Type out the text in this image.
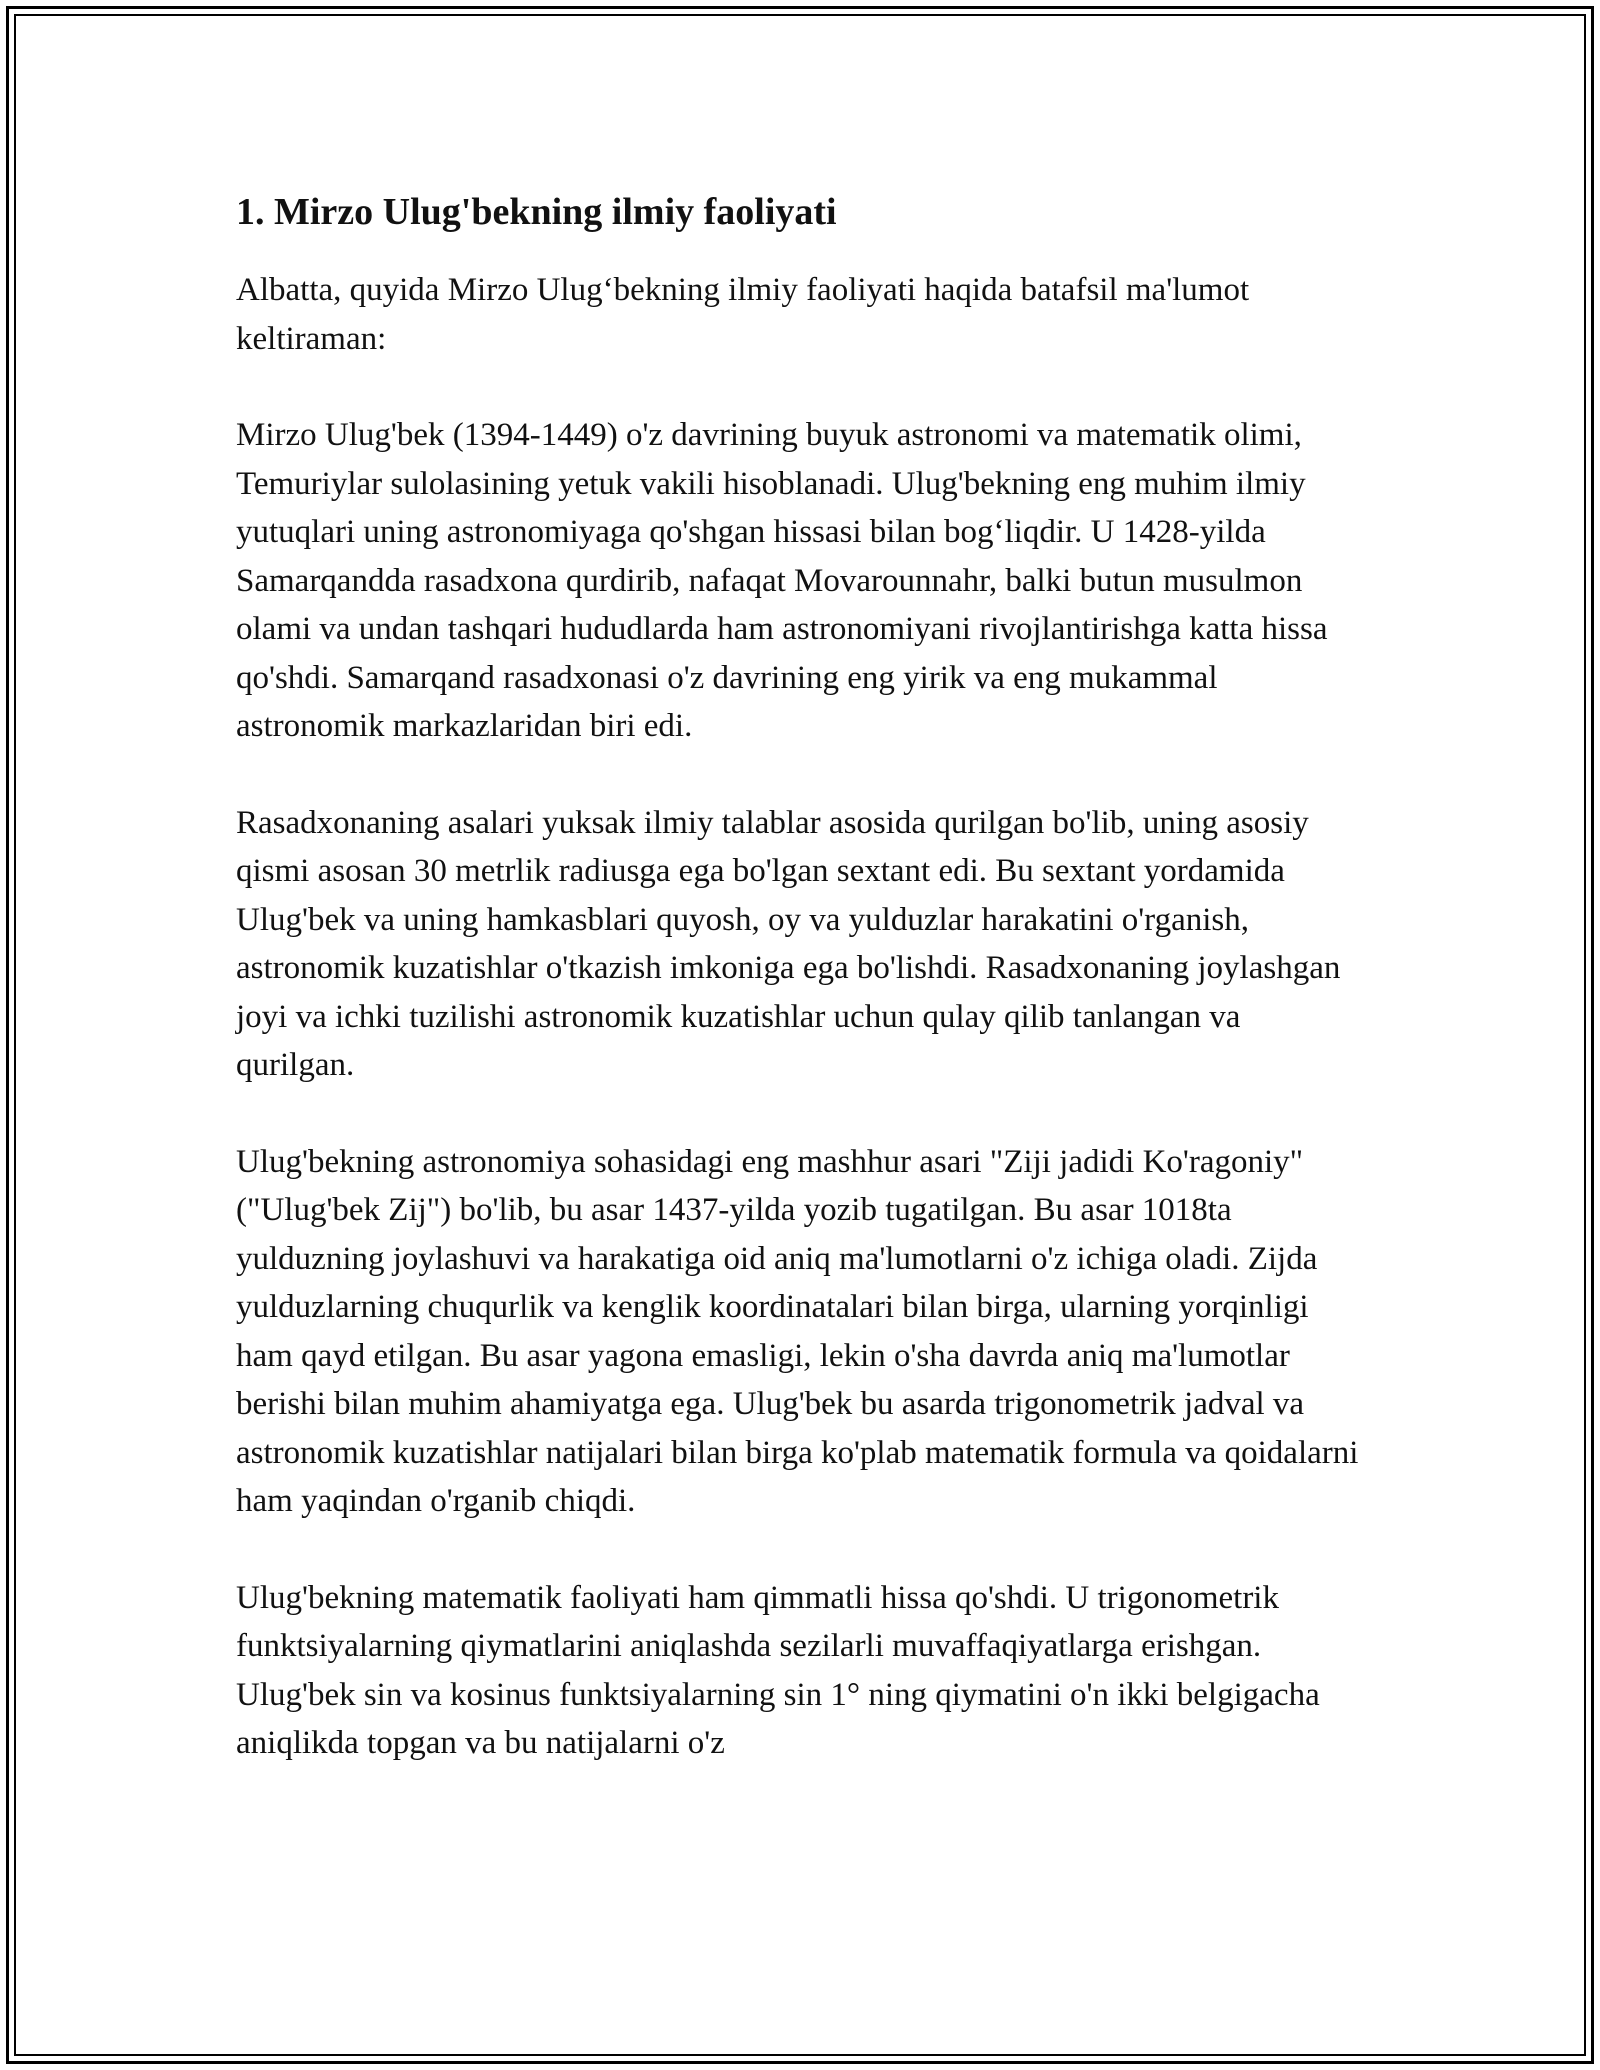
1. Mirzo Ulug'bekning ilmiy faoliyati

Albatta, quyida Mirzo Ulug‘bekning ilmiy faoliyati haqida batafsil ma'lumot keltiraman:

Mirzo Ulug'bek (1394-1449) o'z davrining buyuk astronomi va matematik olimi, Temuriylar sulolasining yetuk vakili hisoblanadi. Ulug'bekning eng muhim ilmiy yutuqlari uning astronomiyaga qo'shgan hissasi bilan bog‘liqdir. U 1428-yilda Samarqandda rasadxona qurdirib, nafaqat Movarounnahr, balki butun musulmon olami va undan tashqari hududlarda ham astronomiyani rivojlantirishga katta hissa qo'shdi. Samarqand rasadxonasi o'z davrining eng yirik va eng mukammal astronomik markazlaridan biri edi.

Rasadxonaning asalari yuksak ilmiy talablar asosida qurilgan bo'lib, uning asosiy qismi asosan 30 metrlik radiusga ega bo'lgan sextant edi. Bu sextant yordamida Ulug'bek va uning hamkasblari quyosh, oy va yulduzlar harakatini o'rganish, astronomik kuzatishlar o'tkazish imkoniga ega bo'lishdi. Rasadxonaning joylashgan joyi va ichki tuzilishi astronomik kuzatishlar uchun qulay qilib tanlangan va qurilgan.

Ulug'bekning astronomiya sohasidagi eng mashhur asari "Ziji jadidi Ko'ragoniy" ("Ulug'bek Zij") bo'lib, bu asar 1437-yilda yozib tugatilgan. Bu asar 1018ta yulduzning joylashuvi va harakatiga oid aniq ma'lumotlarni o'z ichiga oladi. Zijda yulduzlarning chuqurlik va kenglik koordinatalari bilan birga, ularning yorqinligi ham qayd etilgan. Bu asar yagona emasligi, lekin o'sha davrda aniq ma'lumotlar berishi bilan muhim ahamiyatga ega. Ulug'bek bu asarda trigonometrik jadval va astronomik kuzatishlar natijalari bilan birga ko'plab matematik formula va qoidalarni ham yaqindan o'rganib chiqdi.

Ulug'bekning matematik faoliyati ham qimmatli hissa qo'shdi. U trigonometrik funktsiyalarning qiymatlarini aniqlashda sezilarli muvaffaqiyatlarga erishgan. Ulug'bek sin va kosinus funktsiyalarning sin 1° ning qiymatini o'n ikki belgigacha aniqlikda topgan va bu natijalarni o'z
